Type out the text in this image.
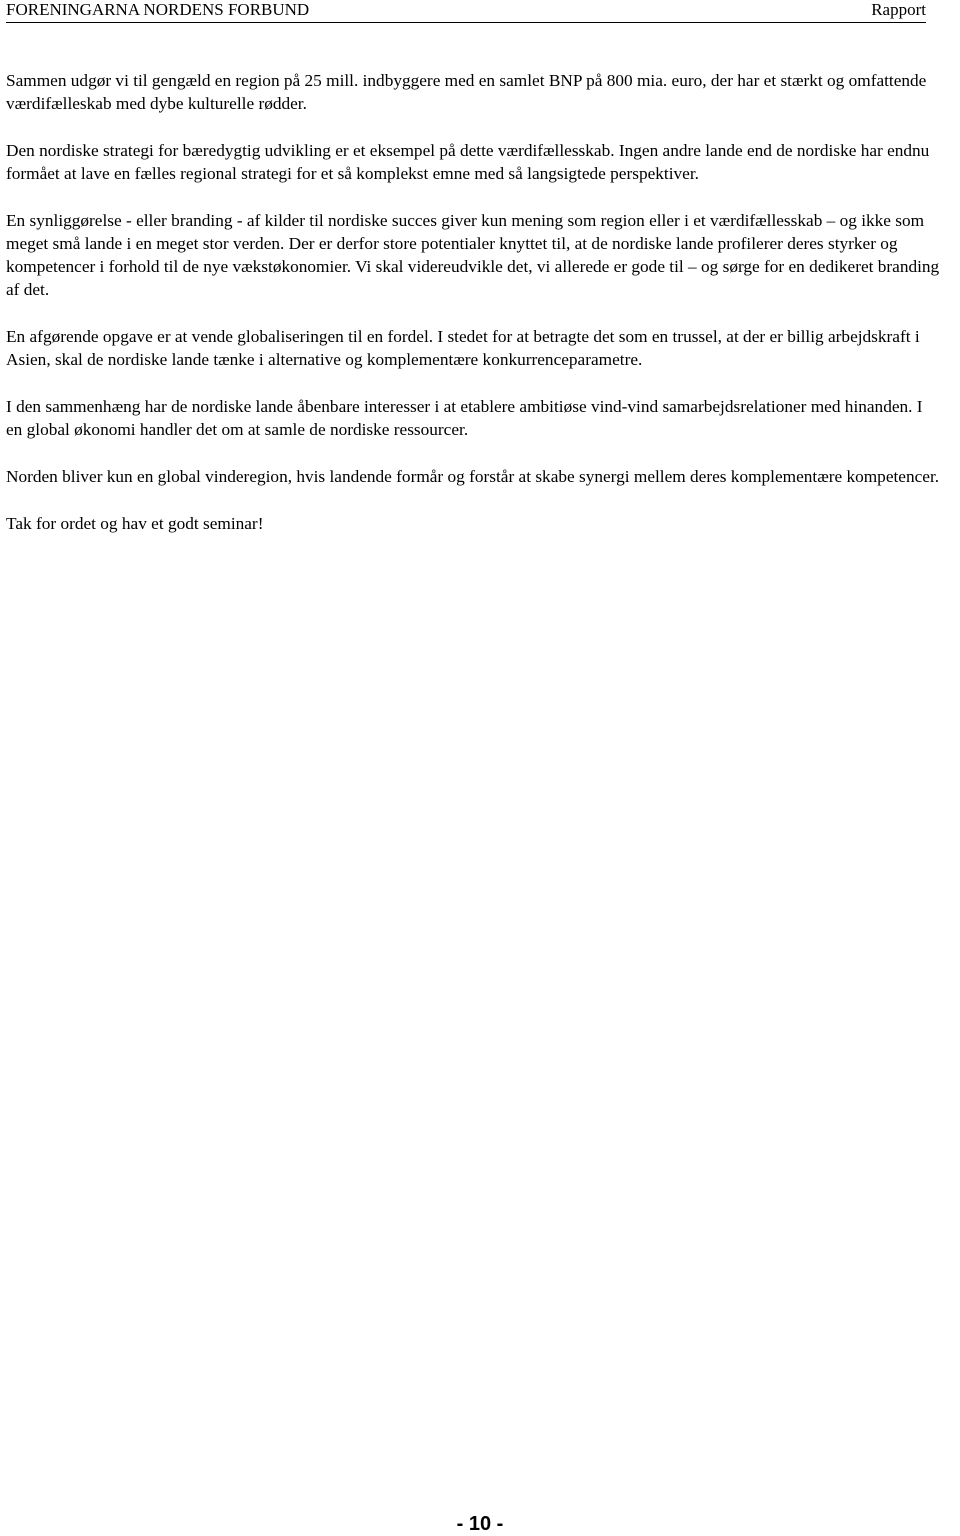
FORENINGARNA NORDENS FORBUND	Rapport

Sammen udgør vi til gengæld en region på 25 mill. indbyggere med en samlet BNP på 800 mia. euro, der har et stærkt og omfattende værdifælleskab med dybe kulturelle rødder.

Den nordiske strategi for bæredygtig udvikling er et eksempel på dette værdifællesskab. Ingen andre lande end de nordiske har endnu formået at lave en fælles regional strategi for et så komplekst emne med så langsigtede perspektiver.

En synliggørelse - eller branding - af kilder til nordiske succes giver kun mening som region eller i et værdifællesskab – og ikke som meget små lande i en meget stor verden. Der er derfor store potentialer knyttet til, at de nordiske lande profilerer deres styrker og kompetencer i forhold til de nye vækstøkonomier. Vi skal videreudvikle det, vi allerede er gode til – og sørge for en dedikeret branding af det.

En afgørende opgave er at vende globaliseringen til en fordel. I stedet for at betragte det som en trussel, at der er billig arbejdskraft i Asien, skal de nordiske lande tænke i alternative og komplementære konkurrenceparametre.

I den sammenhæng har de nordiske lande åbenbare interesser i at etablere ambitiøse vind-vind samarbejdsrelationer med hinanden. I en global økonomi handler det om at samle de nordiske ressourcer.

Norden bliver kun en global vinderegion, hvis landende formår og forstår at skabe synergi mellem deres komplementære kompetencer.

Tak for ordet og hav et godt seminar!

- 10 -
